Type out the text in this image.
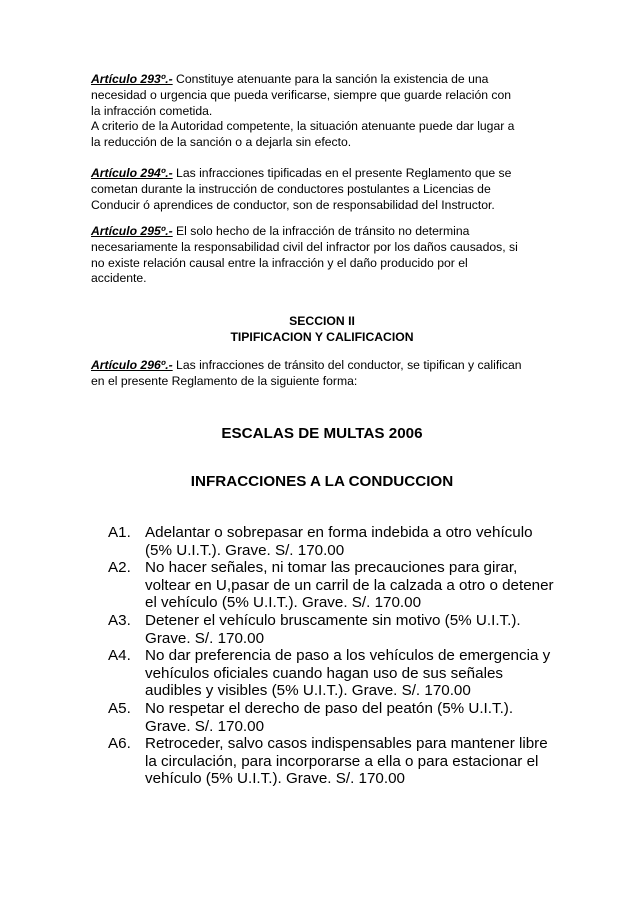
Artículo 293º.- Constituye atenuante para la sanción la existencia de una
necesidad o urgencia que pueda verificarse, siempre que guarde relación con
la infracción cometida.
A criterio de la Autoridad competente, la situación atenuante puede dar lugar a
la reducción de la sanción o a dejarla sin efecto.
Artículo 294º.- Las infracciones tipificadas en el presente Reglamento que se
cometan durante la instrucción de conductores postulantes a Licencias de
Conducir ó aprendices de conductor, son de responsabilidad del Instructor.
Artículo 295º.- El solo hecho de la infracción de tránsito no determina
necesariamente la responsabilidad civil del infractor por los daños causados, si
no existe relación causal entre la infracción y el daño producido por el
accidente.
SECCION II
TIPIFICACION Y CALIFICACION
Artículo 296º.- Las infracciones de tránsito del conductor, se tipifican y califican
en el presente Reglamento de la siguiente forma:
ESCALAS DE MULTAS 2006
INFRACCIONES A LA CONDUCCION
A1. Adelantar o sobrepasar en forma indebida a otro vehículo
(5% U.I.T.). Grave. S/. 170.00
A2. No hacer señales, ni tomar las precauciones para girar,
voltear en U,pasar de un carril de la calzada a otro o detener
el vehículo (5% U.I.T.). Grave. S/. 170.00
A3. Detener el vehículo bruscamente sin motivo (5% U.I.T.).
Grave. S/. 170.00
A4. No dar preferencia de paso a los vehículos de emergencia y
vehículos oficiales cuando hagan uso de sus señales
audibles y visibles (5% U.I.T.). Grave. S/. 170.00
A5. No respetar el derecho de paso del peatón (5% U.I.T.).
Grave. S/. 170.00
A6. Retroceder, salvo casos indispensables para mantener libre
la circulación, para incorporarse a ella o para estacionar el
vehículo (5% U.I.T.). Grave. S/. 170.00
